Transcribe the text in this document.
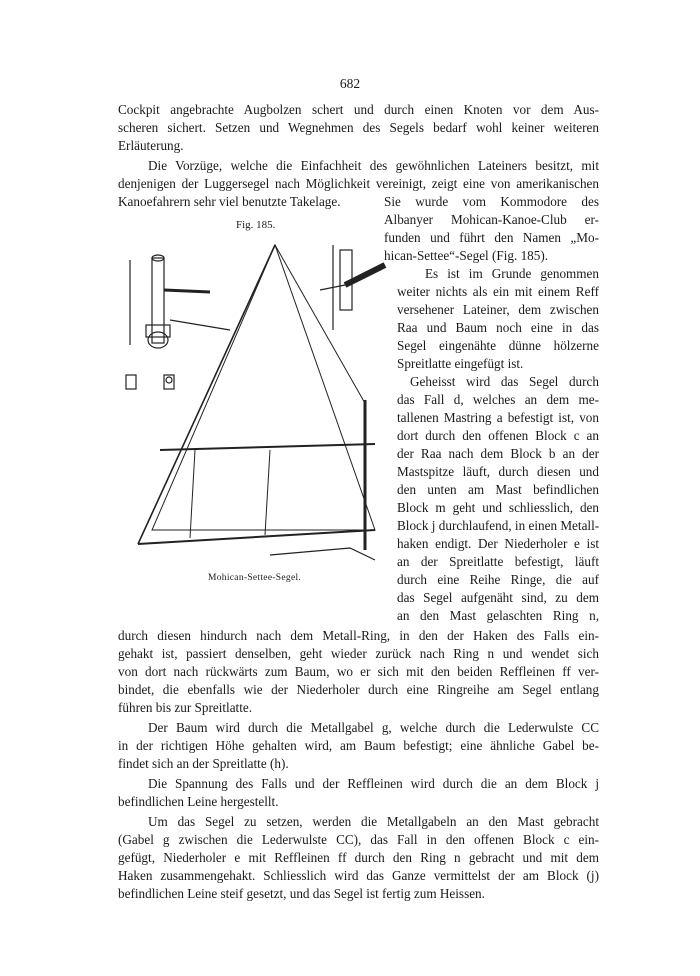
682
Cockpit angebrachte Augbolzen schert und durch einen Knoten vor dem Aus-
scheren sichert. Setzen und Wegnehmen des Segels bedarf wohl keiner weiteren
Erläuterung.
Die Vorzüge, welche die Einfachheit des gewöhnlichen Lateiners besitzt, mit
denjenigen der Luggersegel nach Möglichkeit vereinigt, zeigt eine von amerikanischen
Kanoefahrern sehr viel benutzte Takelage.	Sie wurde vom Kommodore des
Albanyer Mohican-Kanoe-Club er-
funden und führt den Namen „Mo-
hican-Settee“-Segel (Fig. 185).
Es ist im Grunde genommen
weiter nichts als ein mit einem Reff
versehener Lateiner, dem zwischen
Raa und Baum noch eine in das
Segel eingenähte dünne hölzerne
Spreitlatte eingefügt ist.
Geheisst wird das Segel durch
das Fall d, welches an dem me-
tallenen Mastring a befestigt ist, von
dort durch den offenen Block c an
der Raa nach dem Block b an der
Mastspitze läuft, durch diesen und
den unten am Mast befindlichen
Block m geht und schliesslich, den
Block j durchlaufend, in einen Metall-
haken endigt. Der Niederholer e ist
an der Spreitlatte befestigt, läuft
durch eine Reihe Ringe, die auf
das Segel aufgenäht sind, zu dem
an den Mast gelaschten Ring n,
durch diesen hindurch nach dem Metall-Ring, in den der Haken des Falls ein-
gehakt ist, passiert denselben, geht wieder zurück nach Ring n und wendet sich
von dort nach rückwärts zum Baum, wo er sich mit den beiden Reffleinen ff ver-
bindet, die ebenfalls wie der Niederholer durch eine Ringreihe am Segel entlang
führen bis zur Spreitlatte.
Der Baum wird durch die Metallgabel g, welche durch die Lederwulste CC
in der richtigen Höhe gehalten wird, am Baum befestigt; eine ähnliche Gabel be-
findet sich an der Spreitlatte (h).
Die Spannung des Falls und der Reffleinen wird durch die an dem Block j
befindlichen Leine hergestellt.
Um das Segel zu setzen, werden die Metallgabeln an den Mast gebracht
(Gabel g zwischen die Lederwulste CC), das Fall in den offenen Block c ein-
gefügt, Niederholer e mit Reffleinen ff durch den Ring n gebracht und mit dem
Haken zusammengehakt. Schliesslich wird das Ganze vermittelst der am Block (j)
befindlichen Leine steif gesetzt, und das Segel ist fertig zum Heissen.
Fig. 185.
Mohican-Settee-Segel.
